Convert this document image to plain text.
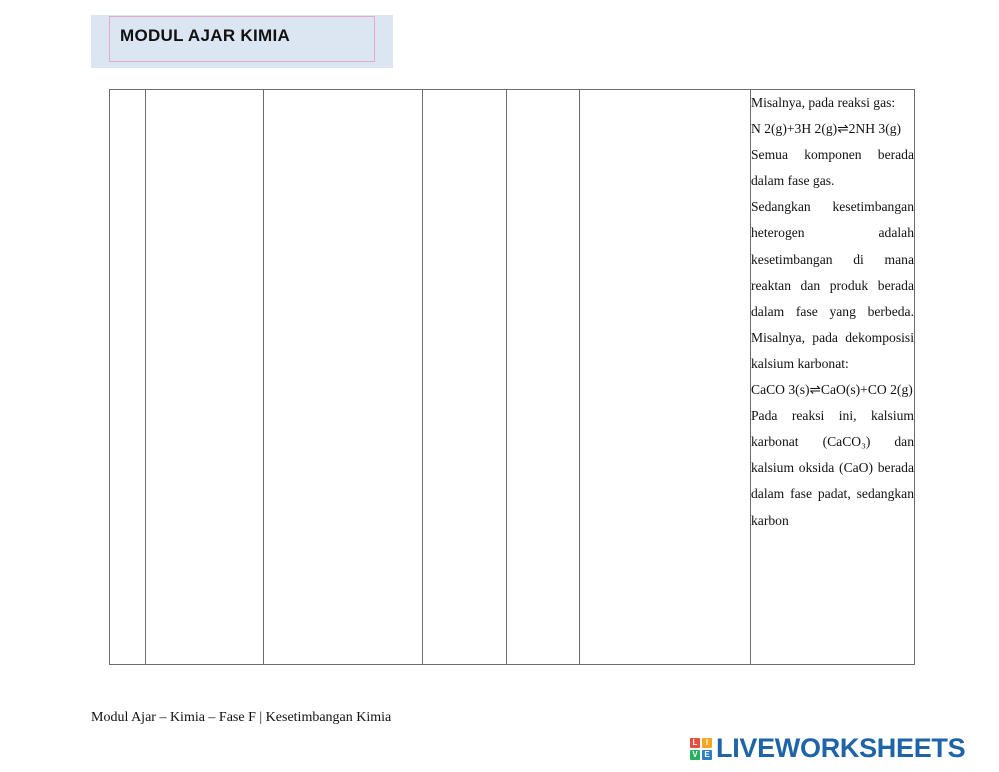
MODUL AJAR KIMIA

Misalnya, pada reaksi gas:

N 2(g)+3H 2(g)⇌2NH 3(g)

Semua komponen berada dalam fase gas.

Sedangkan kesetimbangan heterogen adalah kesetimbangan di mana reaktan dan produk berada dalam fase yang berbeda. Misalnya, pada dekomposisi kalsium karbonat:

CaCO 3(s)⇌CaO(s)+CO 2(g)

Pada reaksi ini, kalsium karbonat (CaCO₃) dan kalsium oksida (CaO) berada dalam fase padat, sedangkan karbon

Modul Ajar – Kimia – Fase F | Kesetimbangan Kimia
L	I
V E LIVEWORKSHEETS
